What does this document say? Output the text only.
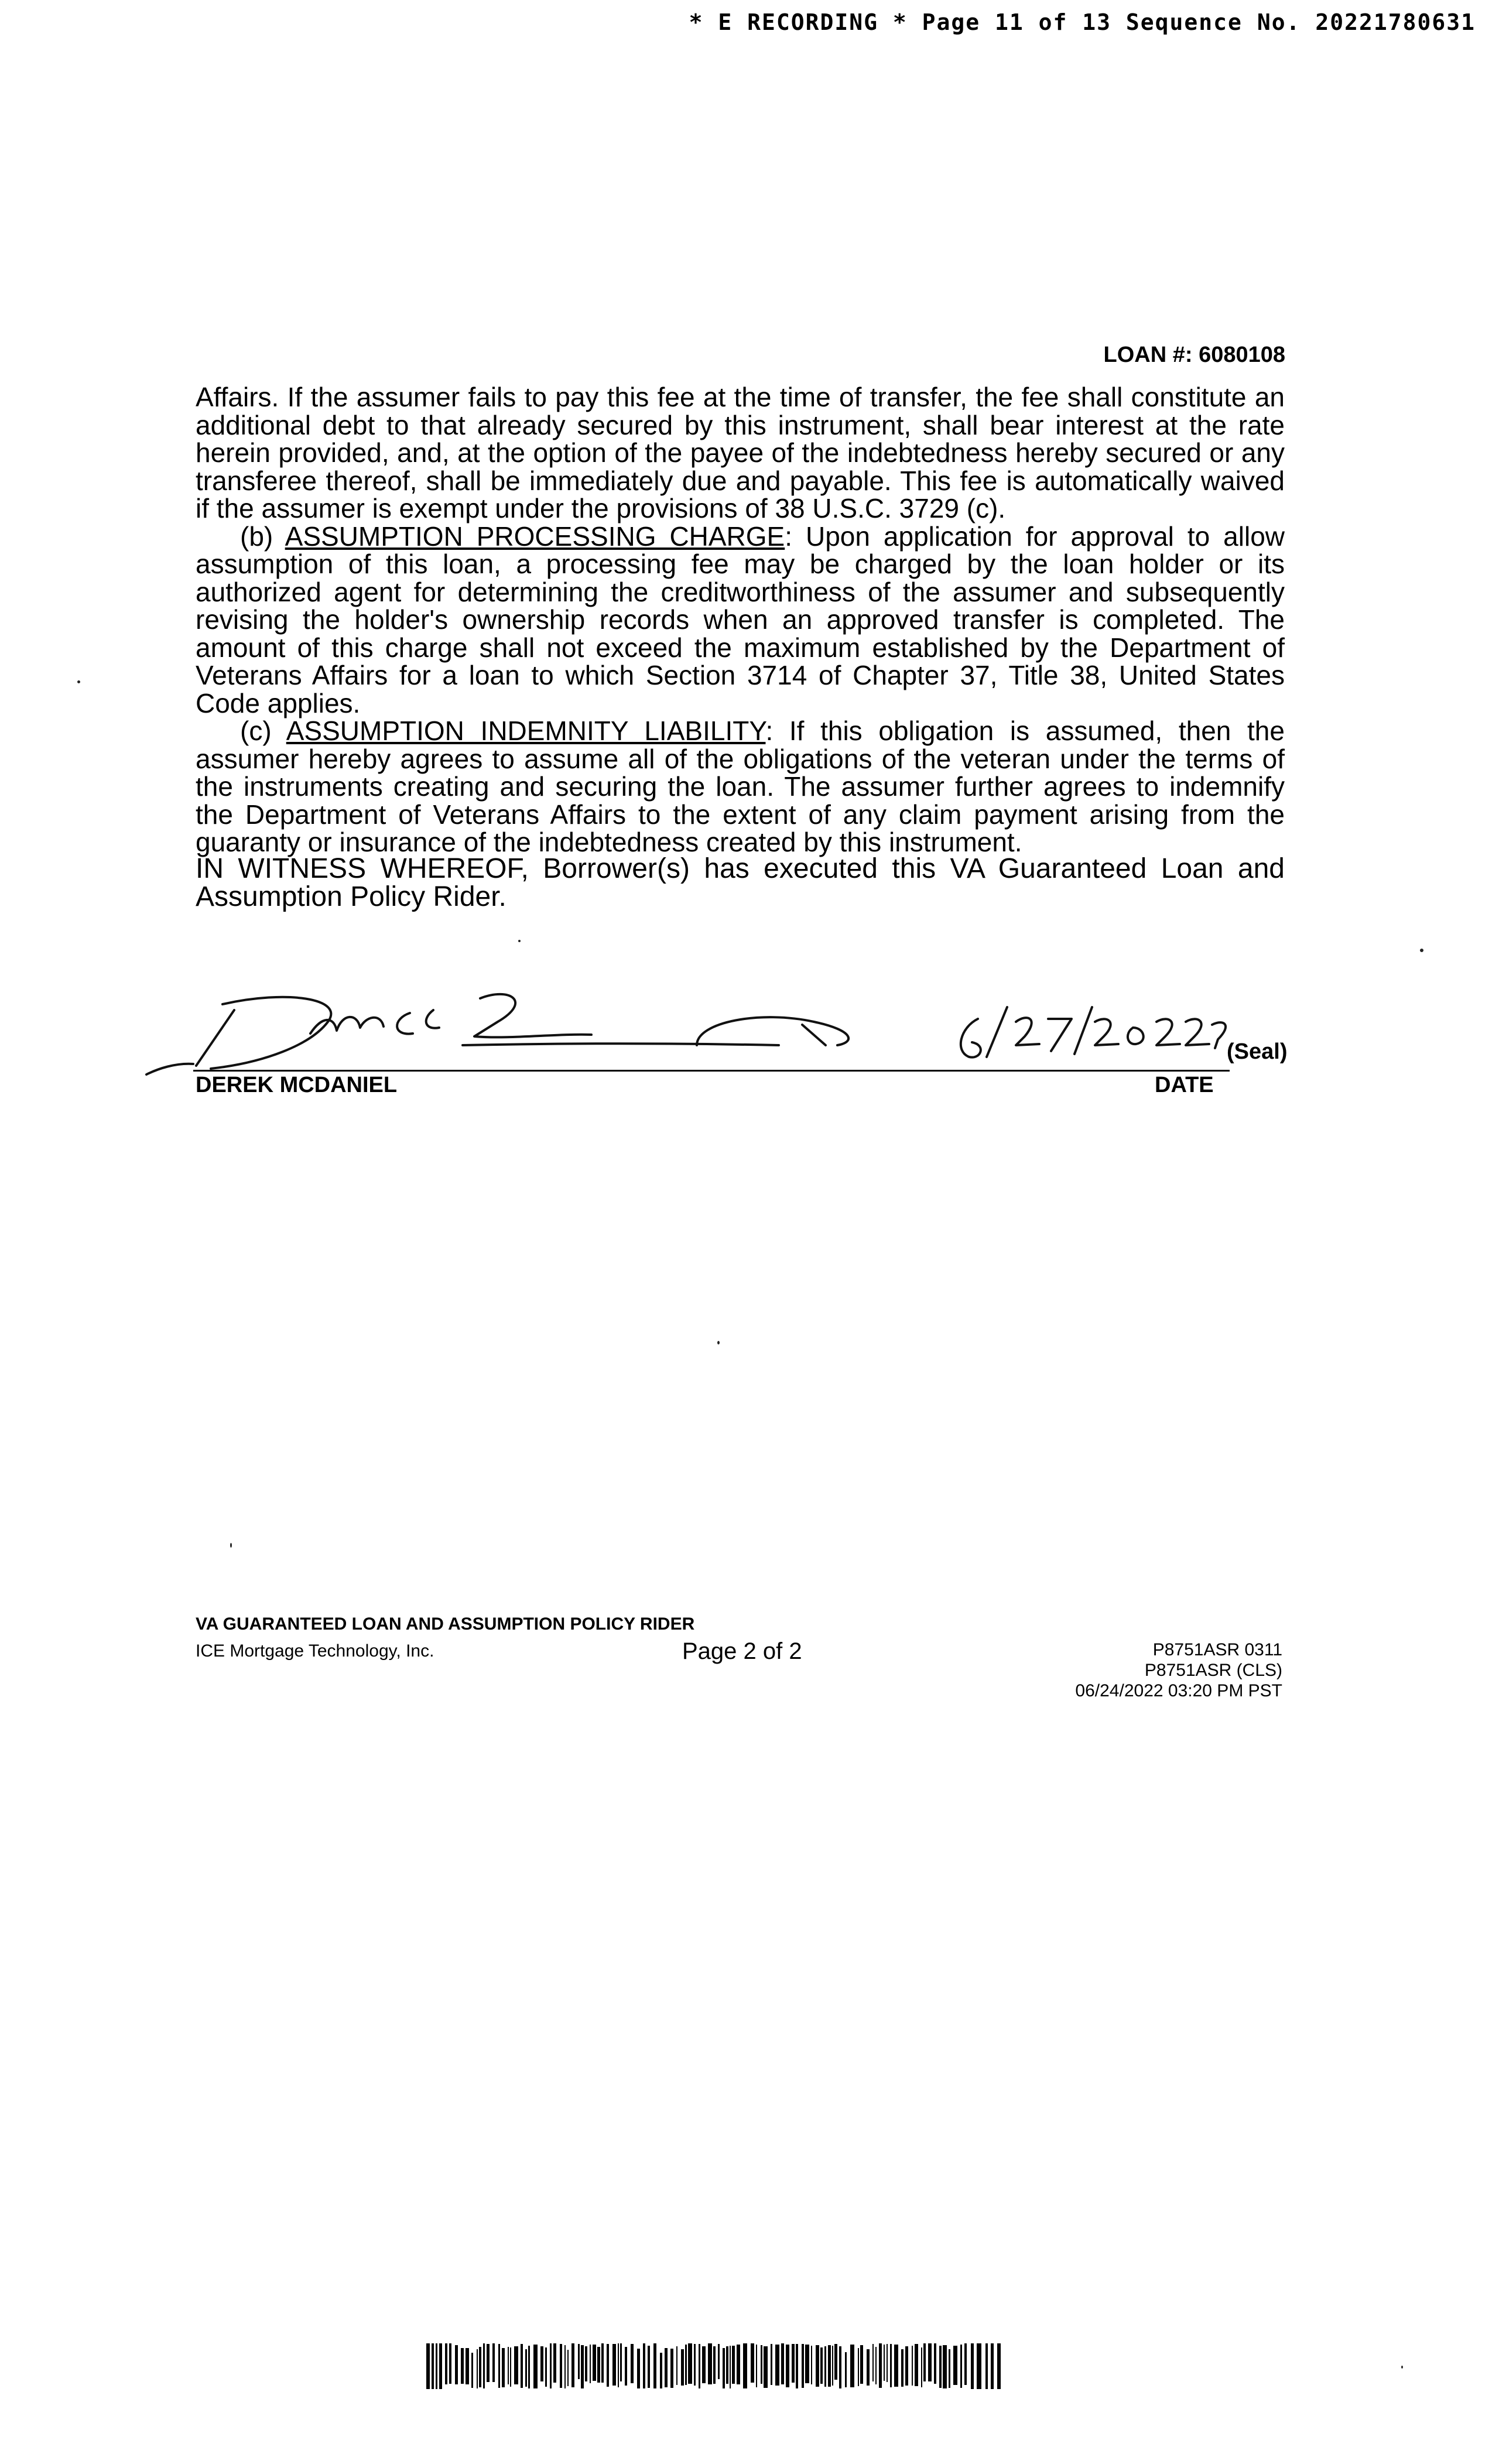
* E RECORDING * Page 11 of 13 Sequence No. 20221780631
LOAN #: 6080108

Affairs. If the assumer fails to pay this fee at the time of transfer, the fee shall constitute an additional debt to that already secured by this instrument, shall bear interest at the rate herein provided, and, at the option of the payee of the indebtedness hereby secured or any transferee thereof, shall be immediately due and payable. This fee is automatically waived if the assumer is exempt under the provisions of 38 U.S.C. 3729 (c).

(b) ASSUMPTION PROCESSING CHARGE: Upon application for approval to allow assumption of this loan, a processing fee may be charged by the loan holder or its authorized agent for determining the creditworthiness of the assumer and subsequently revising the holder's ownership records when an approved transfer is completed. The amount of this charge shall not exceed the maximum established by the Department of Veterans Affairs for a loan to which Section 3714 of Chapter 37, Title 38, United States Code applies.

(c) ASSUMPTION INDEMNITY LIABILITY: If this obligation is assumed, then the assumer hereby agrees to assume all of the obligations of the veteran under the terms of the instruments creating and securing the loan. The assumer further agrees to indemnify the Department of Veterans Affairs to the extent of any claim payment arising from the guaranty or insurance of the indebtedness created by this instrument.

IN WITNESS WHEREOF, Borrower(s) has executed this VA Guaranteed Loan and Assumption Policy Rider.

(Seal)
DEREK MCDANIEL	DATE
VA GUARANTEED LOAN AND ASSUMPTION POLICY RIDER
ICE Mortgage Technology, Inc.	Page 2 of 2	P8751ASR 0311
P8751ASR (CLS)
06/24/2022 03:20 PM PST
